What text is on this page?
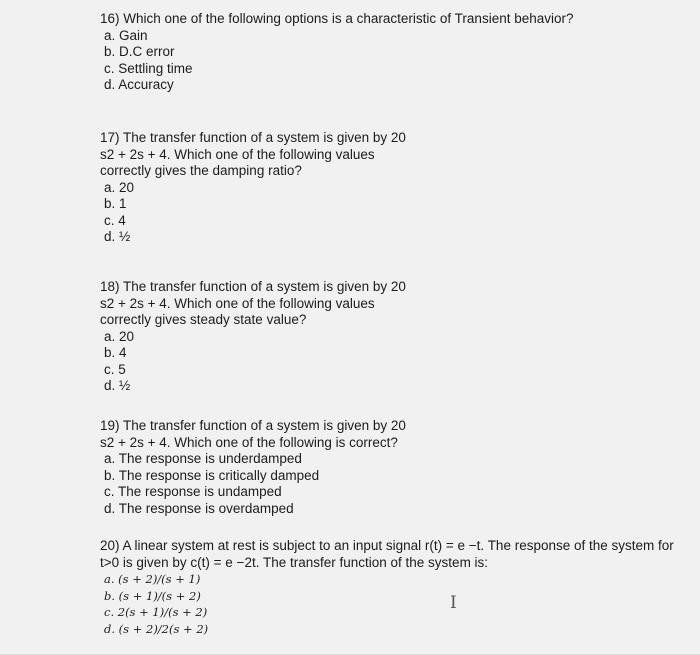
16) Which one of the following options is a characteristic of Transient behavior?
a. Gain
b. D.C error
c. Settling time
d. Accuracy
17) The transfer function of a system is given by 20
s2 + 2s + 4. Which one of the following values
correctly gives the damping ratio?
a. 20
b. 1
c. 4
d. ½
18) The transfer function of a system is given by 20
s2 + 2s + 4. Which one of the following values
correctly gives steady state value?
a. 20
b. 4
c. 5
d. ½
19) The transfer function of a system is given by 20
s2 + 2s + 4. Which one of the following is correct?
a. The response is underdamped
b. The response is critically damped
c. The response is undamped
d. The response is overdamped
20) A linear system at rest is subject to an input signal r(t) = e −t. The response of the system for
t>0 is given by c(t) = e −2t. The transfer function of the system is:
a. (s + 2)/(s + 1)
b. (s + 1)/(s + 2)
c. 2(s + 1)/(s + 2)
d. (s + 2)/2(s + 2)
I
